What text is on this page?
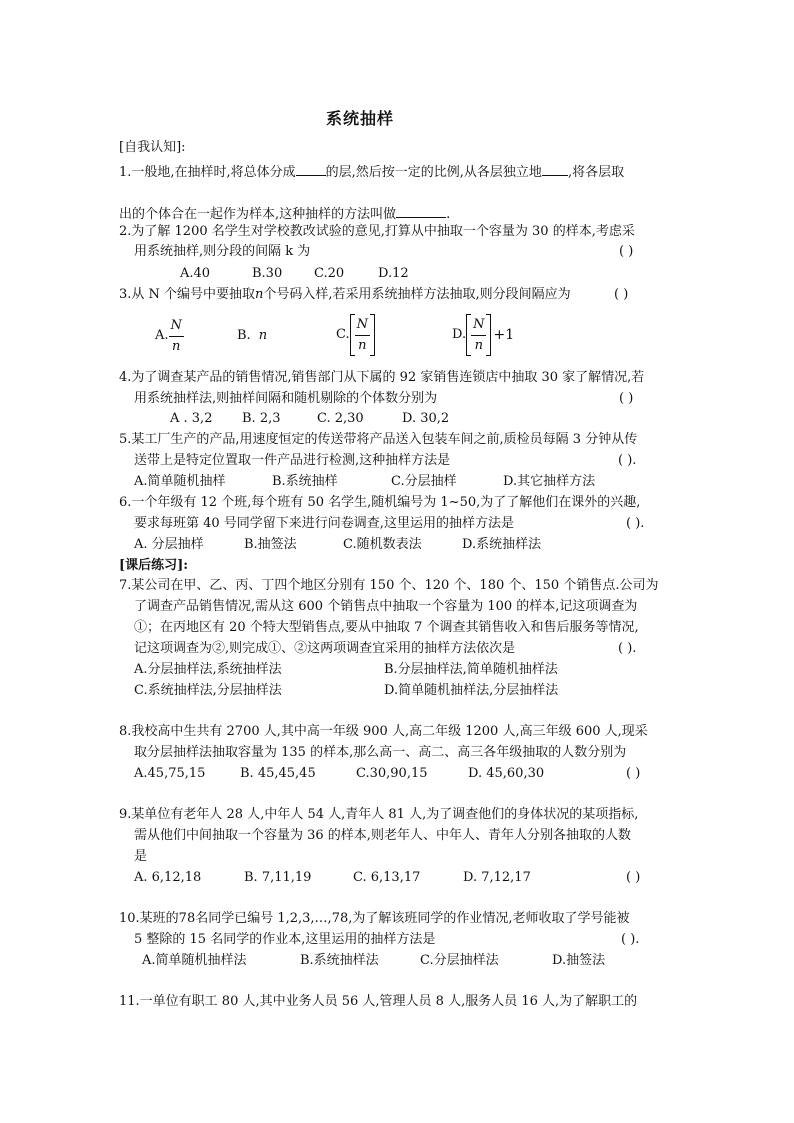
系统抽样
[自我认知]:
1.一般地,在抽样时,将总体分成 的层,然后按一定的比例,从各层独立地 ,将各层取
出的个体合在一起作为样本,这种抽样的方法叫做	.
2.为了解 1200 名学生对学校教改试验的意见,打算从中抽取一个容量为 30 的样本,考虑采
用系统抽样,则分段的间隔 k 为	( )
A.40	B.30 C.20	D.12
3.从 N 个编号中要抽取n个号码入样,若采用系统抽样方法抽取,则分段间隔应为	( )
A. $\frac{N}{n}$	B. n	C. $\frac{N}{n}$	D. $\frac{N}{n} +1$
4.为了调查某产品的销售情况,销售部门从下属的 92 家销售连锁店中抽取 30 家了解情况,若
用系统抽样法,则抽样间隔和随机剔除的个体数分别为	( )
A . 3,2 B. 2,3	C. 2,30	D. 30,2
5.某工厂生产的产品,用速度恒定的传送带将产品送入包装车间之前,质检员每隔 3 分钟从传
送带上是特定位置取一件产品进行检测,这种抽样方法是	( ).
A.简单随机抽样	B.系统抽样	C.分层抽样	D.其它抽样方法
6.一个年级有 12 个班,每个班有 50 名学生,随机编号为 1~50,为了了解他们在课外的兴趣,
要求每班第 40 号同学留下来进行问卷调查,这里运用的抽样方法是	( ).
A. 分层抽样	B.抽签法	C.随机数表法	D.系统抽样法
[课后练习]:
7.某公司在甲、乙、丙、丁四个地区分别有 150 个、120 个、180 个、150 个销售点.公司为
了调查产品销售情况,需从这 600 个销售点中抽取一个容量为 100 的样本,记这项调查为
①；在丙地区有 20 个特大型销售点,要从中抽取 7 个调查其销售收入和售后服务等情况,
记这项调查为②,则完成①、②这两项调查宜采用的抽样方法依次是	( ).
A.分层抽样法,系统抽样法	B.分层抽样法,简单随机抽样法
C.系统抽样法,分层抽样法	D.简单随机抽样法,分层抽样法
8.我校高中生共有 2700 人,其中高一年级 900 人,高二年级 1200 人,高三年级 600 人,现采
取分层抽样法抽取容量为 135 的样本,那么高一、高二、高三各年级抽取的人数分别为
A.45,75,15	B. 45,45,45	C.30,90,15	D. 45,60,30	( )
9.某单位有老年人 28 人,中年人 54 人,青年人 81 人,为了调查他们的身体状况的某项指标,
需从他们中间抽取一个容量为 36 的样本,则老年人、中年人、青年人分别各抽取的人数
是
A. 6,12,18	B. 7,11,19	C. 6,13,17	D. 7,12,17	( )
10.某班的78名同学已编号 1,2,3,…,78,为了解该班同学的作业情况,老师收取了学号能被
5 整除的 15 名同学的作业本,这里运用的抽样方法是	( ).
A.简单随机抽样法	B.系统抽样法	C.分层抽样法	D.抽签法
11.一单位有职工 80 人,其中业务人员 56 人,管理人员 8 人,服务人员 16 人,为了解职工的
